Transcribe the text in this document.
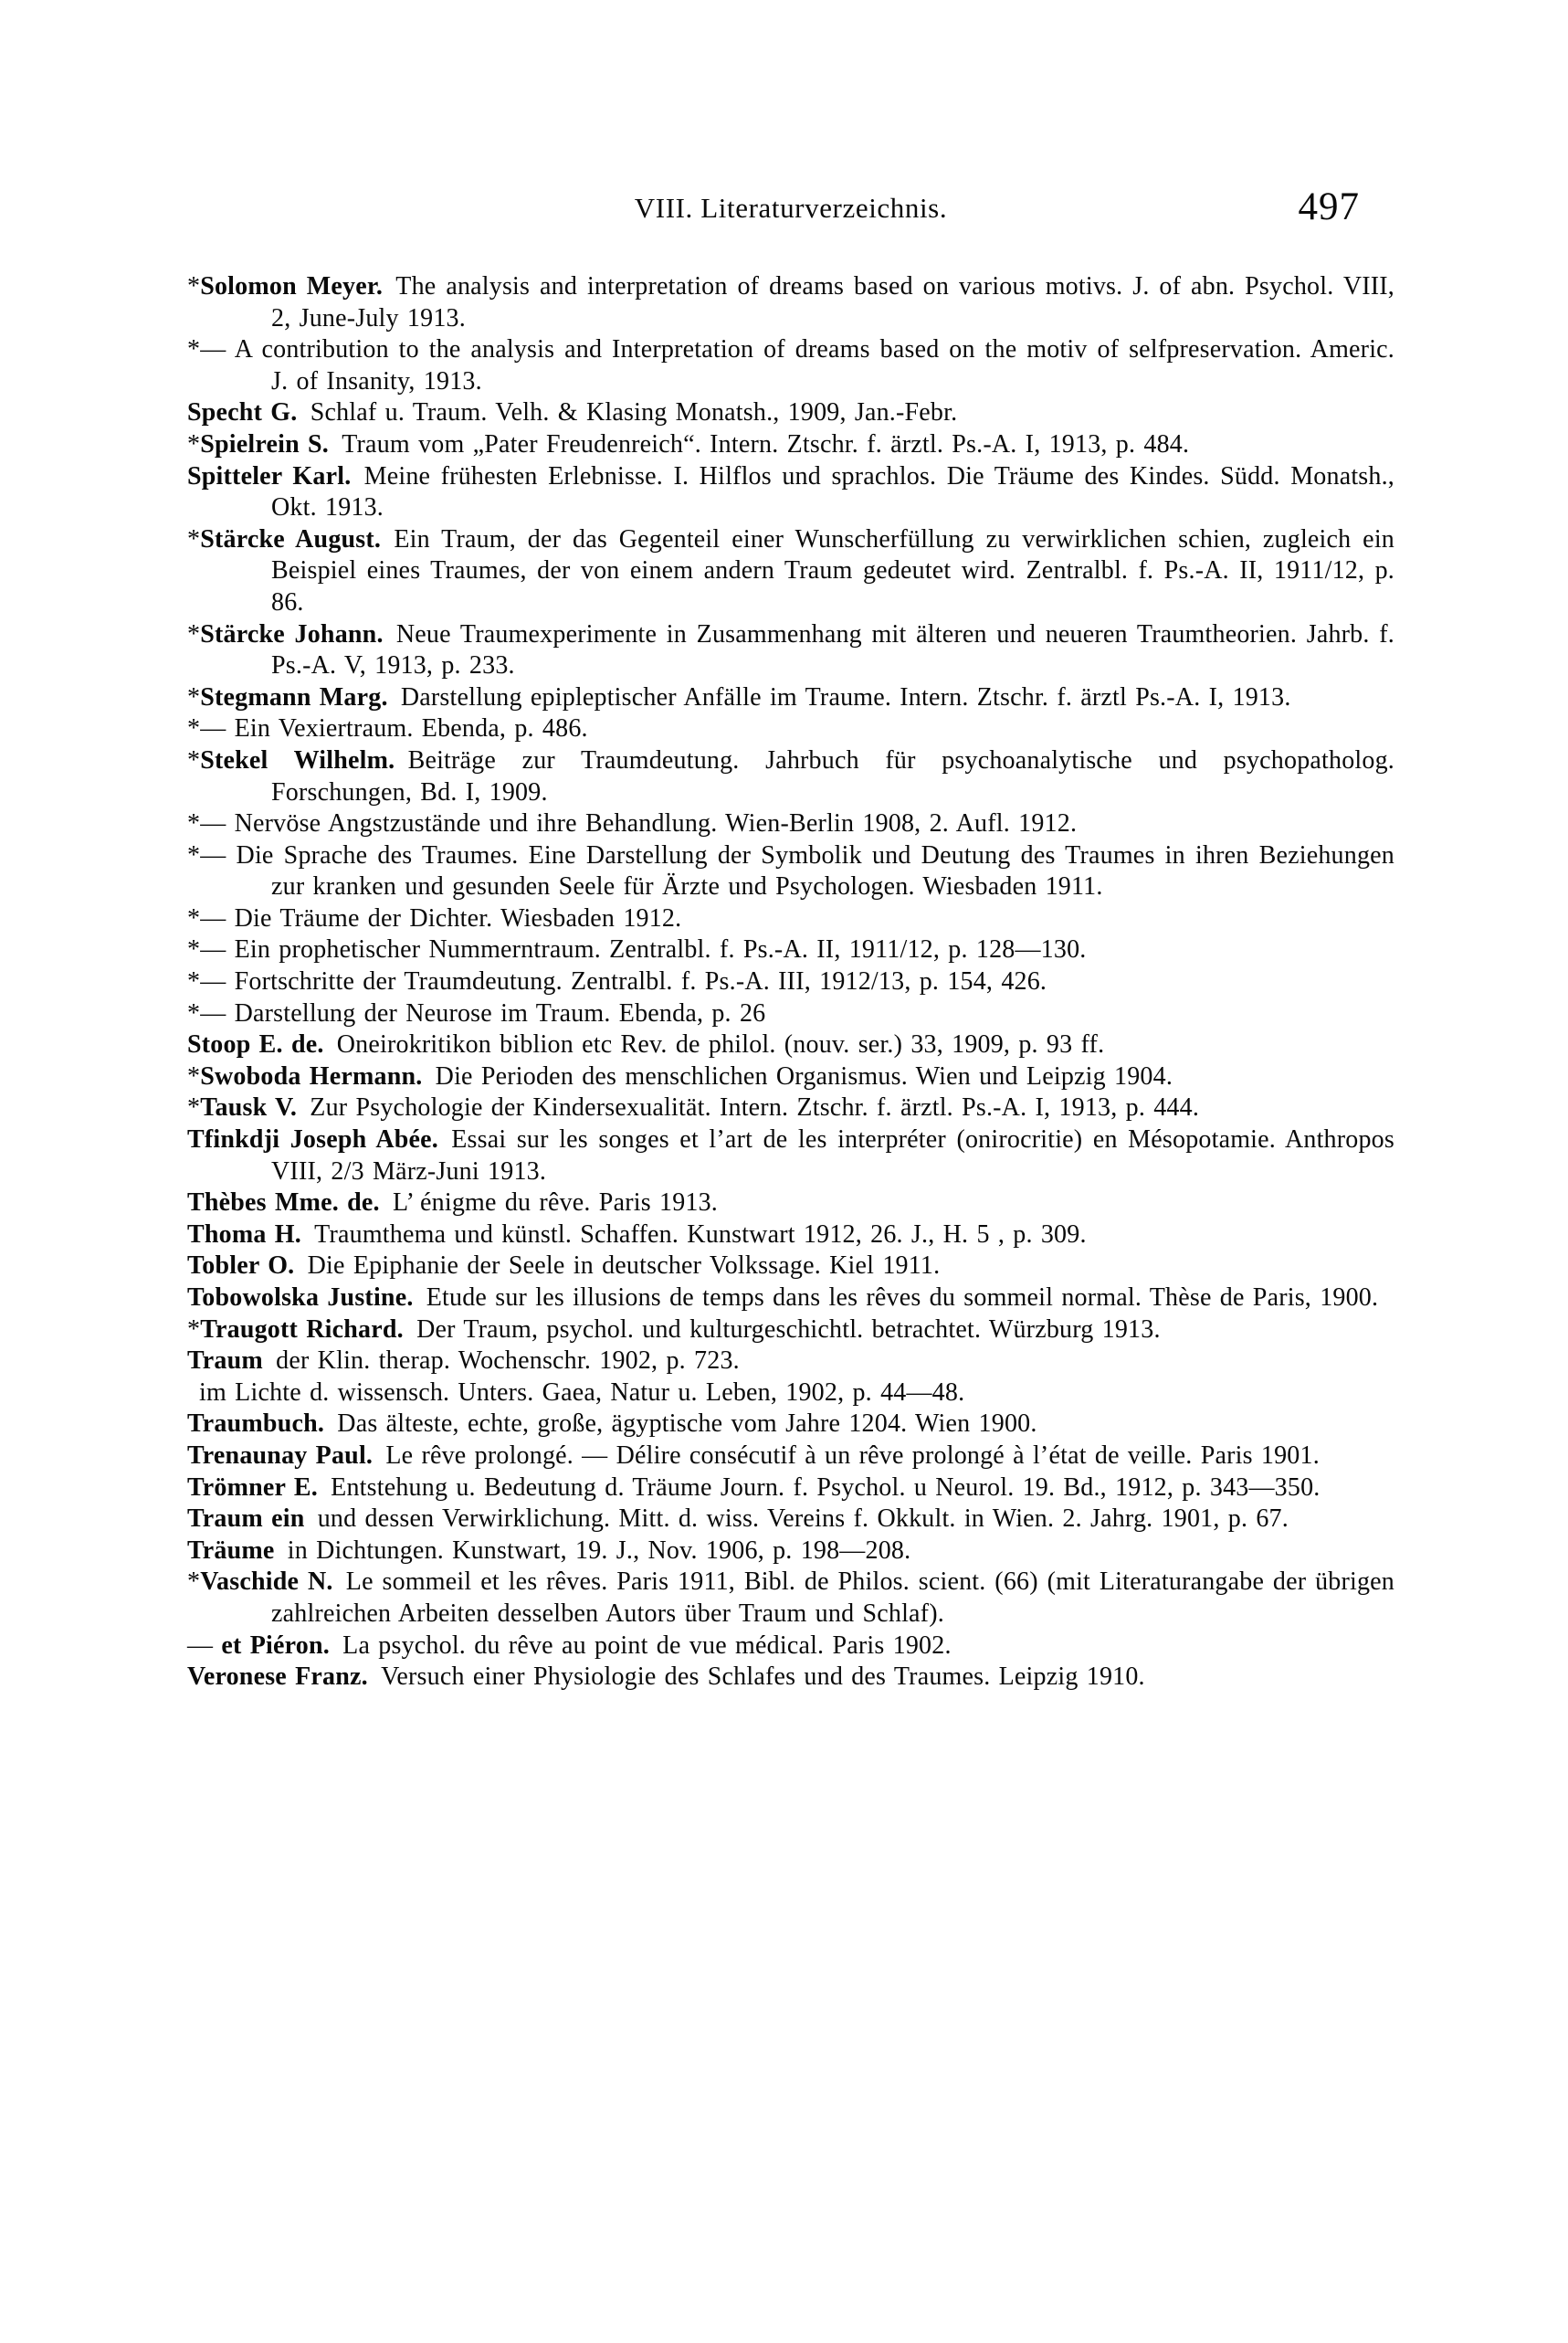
VIII. Literaturverzeichnis.	497

*Solomon Meyer. The analysis and interpretation of dreams based on various motivs. J. of abn. Psychol. VIII, 2, June-July 1913.

*— A contribution to the analysis and Interpretation of dreams based on the motiv of selfpreservation. Americ. J. of Insanity, 1913.

Specht G. Schlaf u. Traum. Velh. & Klasing Monatsh., 1909, Jan.-Febr.

*Spielrein S. Traum vom „Pater Freudenreich“. Intern. Ztschr. f. ärztl. Ps.-A. I, 1913, p. 484.

Spitteler Karl. Meine frühesten Erlebnisse. I. Hilflos und sprachlos. Die Träume des Kindes. Südd. Monatsh., Okt. 1913.

*Stärcke August. Ein Traum, der das Gegenteil einer Wunscherfüllung zu verwirklichen schien, zugleich ein Beispiel eines Traumes, der von einem andern Traum gedeutet wird. Zentralbl. f. Ps.-A. II, 1911/12, p. 86.

*Stärcke Johann. Neue Traumexperimente in Zusammenhang mit älteren und neueren Traumtheorien. Jahrb. f. Ps.-A. V, 1913, p. 233.

*Stegmann Marg. Darstellung epipleptischer Anfälle im Traume. Intern. Ztschr. f. ärztl Ps.-A. I, 1913.

*— Ein Vexiertraum. Ebenda, p. 486.

*Stekel Wilhelm. Beiträge zur Traumdeutung. Jahrbuch für psychoanalytische und psychopatholog. Forschungen, Bd. I, 1909.

*— Nervöse Angstzustände und ihre Behandlung. Wien-Berlin 1908, 2. Aufl. 1912.

*— Die Sprache des Traumes. Eine Darstellung der Symbolik und Deutung des Traumes in ihren Beziehungen zur kranken und gesunden Seele für Ärzte und Psychologen. Wiesbaden 1911.

*— Die Träume der Dichter. Wiesbaden 1912.

*— Ein prophetischer Nummerntraum. Zentralbl. f. Ps.-A. II, 1911/12, p. 128—130.

*— Fortschritte der Traumdeutung. Zentralbl. f. Ps.-A. III, 1912/13, p. 154, 426.

*— Darstellung der Neurose im Traum. Ebenda, p. 26

Stoop E. de. Oneirokritikon biblion etc Rev. de philol. (nouv. ser.) 33, 1909, p. 93 ff.

*Swoboda Hermann. Die Perioden des menschlichen Organismus. Wien und Leipzig 1904.

*Tausk V. Zur Psychologie der Kindersexualität. Intern. Ztschr. f. ärztl. Ps.-A. I, 1913, p. 444.

Tfinkdji Joseph Abée. Essai sur les songes et l’art de les interpréter (onirocritie) en Mésopotamie. Anthropos VIII, 2/3 März-Juni 1913.

Thèbes Mme. de. L’ énigme du rêve. Paris 1913.

Thoma H. Traumthema und künstl. Schaffen. Kunstwart 1912, 26. J., H. 5 , p. 309.

Tobler O. Die Epiphanie der Seele in deutscher Volkssage. Kiel 1911.

Tobowolska Justine. Etude sur les illusions de temps dans les rêves du sommeil normal. Thèse de Paris, 1900.

*Traugott Richard. Der Traum, psychol. und kulturgeschichtl. betrachtet. Würzburg 1913.

Traum der Klin. therap. Wochenschr. 1902, p. 723.

im Lichte d. wissensch. Unters. Gaea, Natur u. Leben, 1902, p. 44—48.

Traumbuch. Das älteste, echte, große, ägyptische vom Jahre 1204. Wien 1900.

Trenaunay Paul. Le rêve prolongé. — Délire consécutif à un rêve prolongé à l’état de veille. Paris 1901.

Trömner E. Entstehung u. Bedeutung d. Träume Journ. f. Psychol. u Neurol. 19. Bd., 1912, p. 343—350.

Traum ein und dessen Verwirklichung. Mitt. d. wiss. Vereins f. Okkult. in Wien. 2. Jahrg. 1901, p. 67.

Träume in Dichtungen. Kunstwart, 19. J., Nov. 1906, p. 198—208.

*Vaschide N. Le sommeil et les rêves. Paris 1911, Bibl. de Philos. scient. (66) (mit Literaturangabe der übrigen zahlreichen Arbeiten desselben Autors über Traum und Schlaf).

— et Piéron. La psychol. du rêve au point de vue médical. Paris 1902.

Veronese Franz. Versuch einer Physiologie des Schlafes und des Traumes. Leipzig 1910.
